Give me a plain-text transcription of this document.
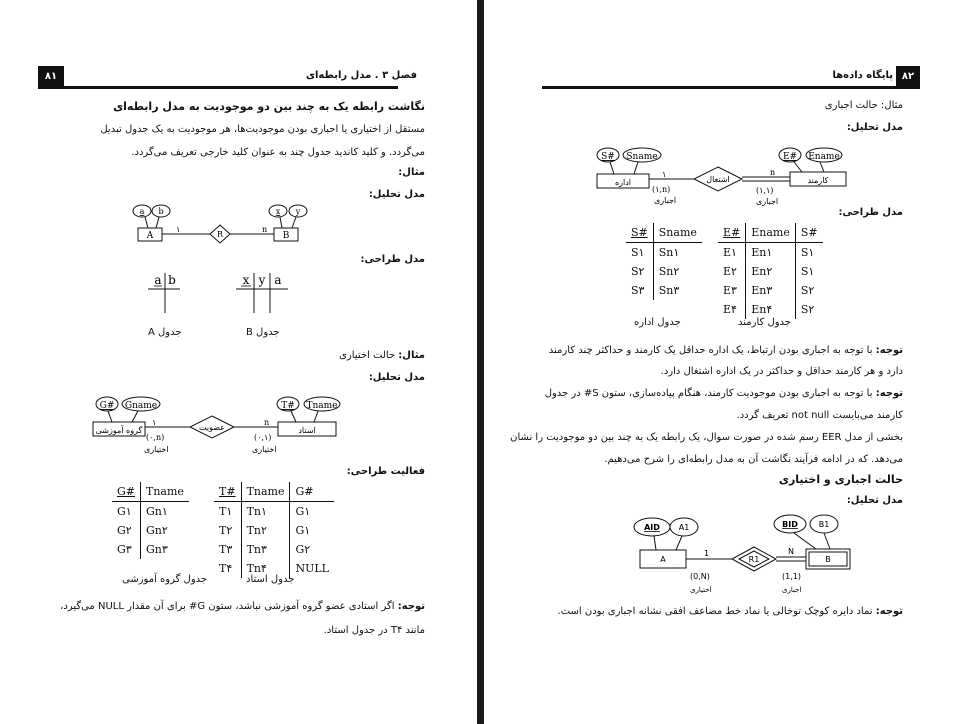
۸۱	فصل ۳ . مدل رابطه‌ای
نگاشت رابطه یک به چند بین دو موجودیت به مدل رابطه‌ای
مستقل از اختیاری یا اجباری بودن موجودیت‌ها، هر موجودیت به یک جدول تبدیل
می‌گردد. و کلید کاندید جدول چند به عنوان کلید خارجی تعریف می‌گردد.
مثال:
مدل تحلیل:
a b
A
۱
R
n
B
x y
مدل طراحی:
a b	x y a
جدول A	جدول B
مثال: حالت اختیاری
مدل تحلیل:
G# Gname
گروه آموزشی
۱
(۰,n)
اختیاری
عضویت
n
(۰,۱)
اختیاری
استاد
T# Tname
فعالیت طراحی:
G#	Tname
G۱	Gn۱
G۲	Gn۲
G۳	Gn۳
T#	Tname	G#
T۱	Tn۱	G۱
T۲	Tn۲	G۱
T۳	Tn۳	G۲
T۴	Tn۴	NULL
جدول گروه آموزشی	جدول استاد
توجه: اگر استادی عضو گروه آموزشی نباشد، ستون G# برای آن مقدار NULL می‌گیرد،
مانند T۴ در جدول استاد.
پایگاه داده‌ها ۸۲
مثال: حالت اجباری
مدل تحلیل:
S# Sname
اداره
۱
(۱,n)
اجباری
اشتغال
n
(۱,۱)
اجباری
کارمند
E# Ename
مدل طراحی:
S#	Sname
S۱	Sn۱
S۲	Sn۲
S۳	Sn۳
E#	Ename	S#
E۱	En۱	S۱
E۲	En۲	S۱
E۳	En۳	S۲
E۴	En۴	S۲
جدول اداره	جدول کارمند
توجه: با توجه به اجباری بودن ارتباط، یک اداره حداقل یک کارمند و حداکثر چند کارمند
دارد و هر کارمند حداقل و حداکثر در یک اداره اشتغال دارد.
توجه: با توجه به اجباری بودن موجودیت کارمند، هنگام پیاده‌سازی، ستون S# در جدول
کارمند می‌بایست not null تعریف گردد.
بخشی از مدل EER رسم شده در صورت سوال، یک رابطه یک به چند بین دو موجودیت را نشان
می‌دهد. که در ادامه فرآیند نگاشت آن به مدل رابطه‌ای را شرح می‌دهیم.
حالت اجباری و اختیاری
مدل تحلیل:
AID A1
A
1
(0,N)
اختیاری
R1
N
(1,1)
اجباری
B
BID	B1
توجه: نماد دایره کوچک توخالی یا نماد خط مضاعف افقی نشانه اجباری بودن است.
